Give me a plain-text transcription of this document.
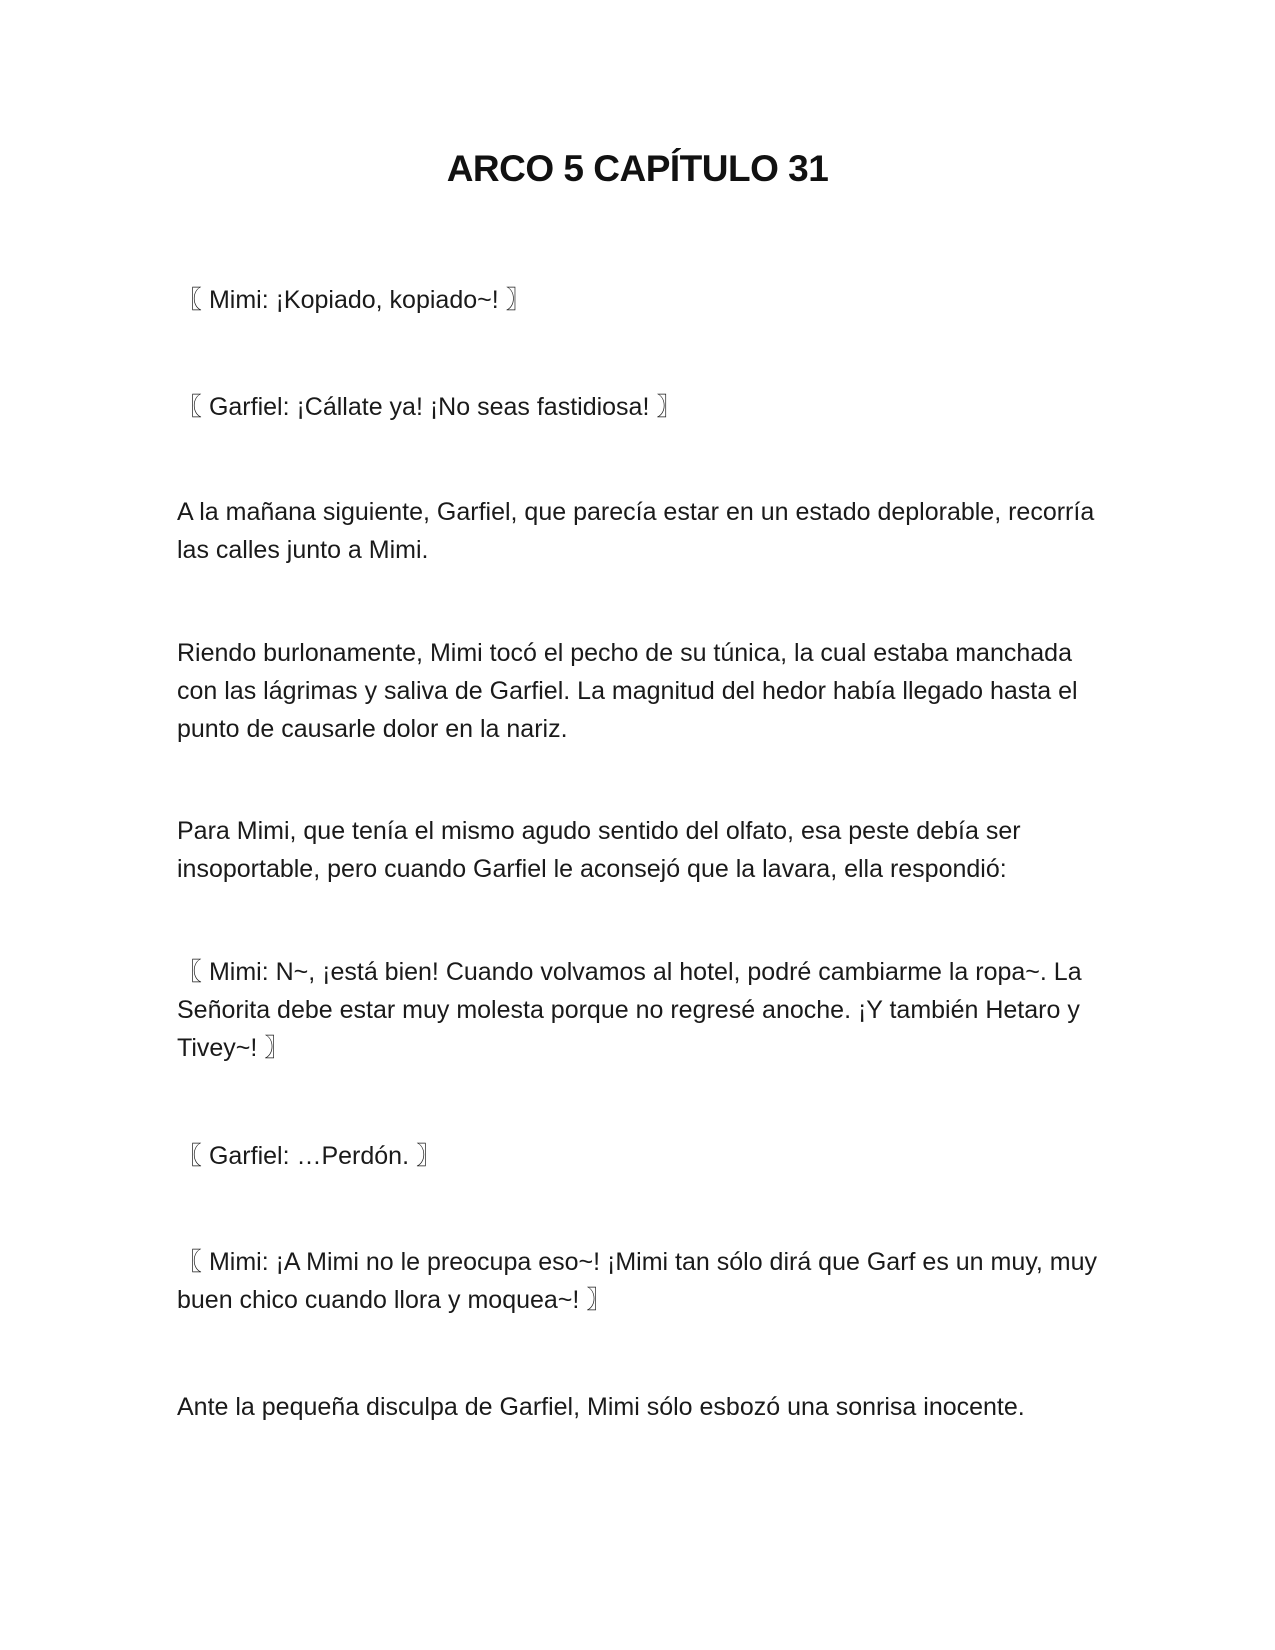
ARCO 5 CAPÍTULO 31

〖 Mimi: ¡Kopiado, kopiado~! 〗

〖 Garfiel: ¡Cállate ya! ¡No seas fastidiosa! 〗

A la mañana siguiente, Garfiel, que parecía estar en un estado deplorable, recorría las calles junto a Mimi.

Riendo burlonamente, Mimi tocó el pecho de su túnica, la cual estaba manchada con las lágrimas y saliva de Garfiel. La magnitud del hedor había llegado hasta el punto de causarle dolor en la nariz.

Para Mimi, que tenía el mismo agudo sentido del olfato, esa peste debía ser insoportable, pero cuando Garfiel le aconsejó que la lavara, ella respondió:

〖 Mimi: N~, ¡está bien! Cuando volvamos al hotel, podré cambiarme la ropa~. La Señorita debe estar muy molesta porque no regresé anoche. ¡Y también Hetaro y Tivey~! 〗

〖 Garfiel: …Perdón. 〗

〖 Mimi: ¡A Mimi no le preocupa eso~! ¡Mimi tan sólo dirá que Garf es un muy, muy buen chico cuando llora y moquea~! 〗

Ante la pequeña disculpa de Garfiel, Mimi sólo esbozó una sonrisa inocente.
